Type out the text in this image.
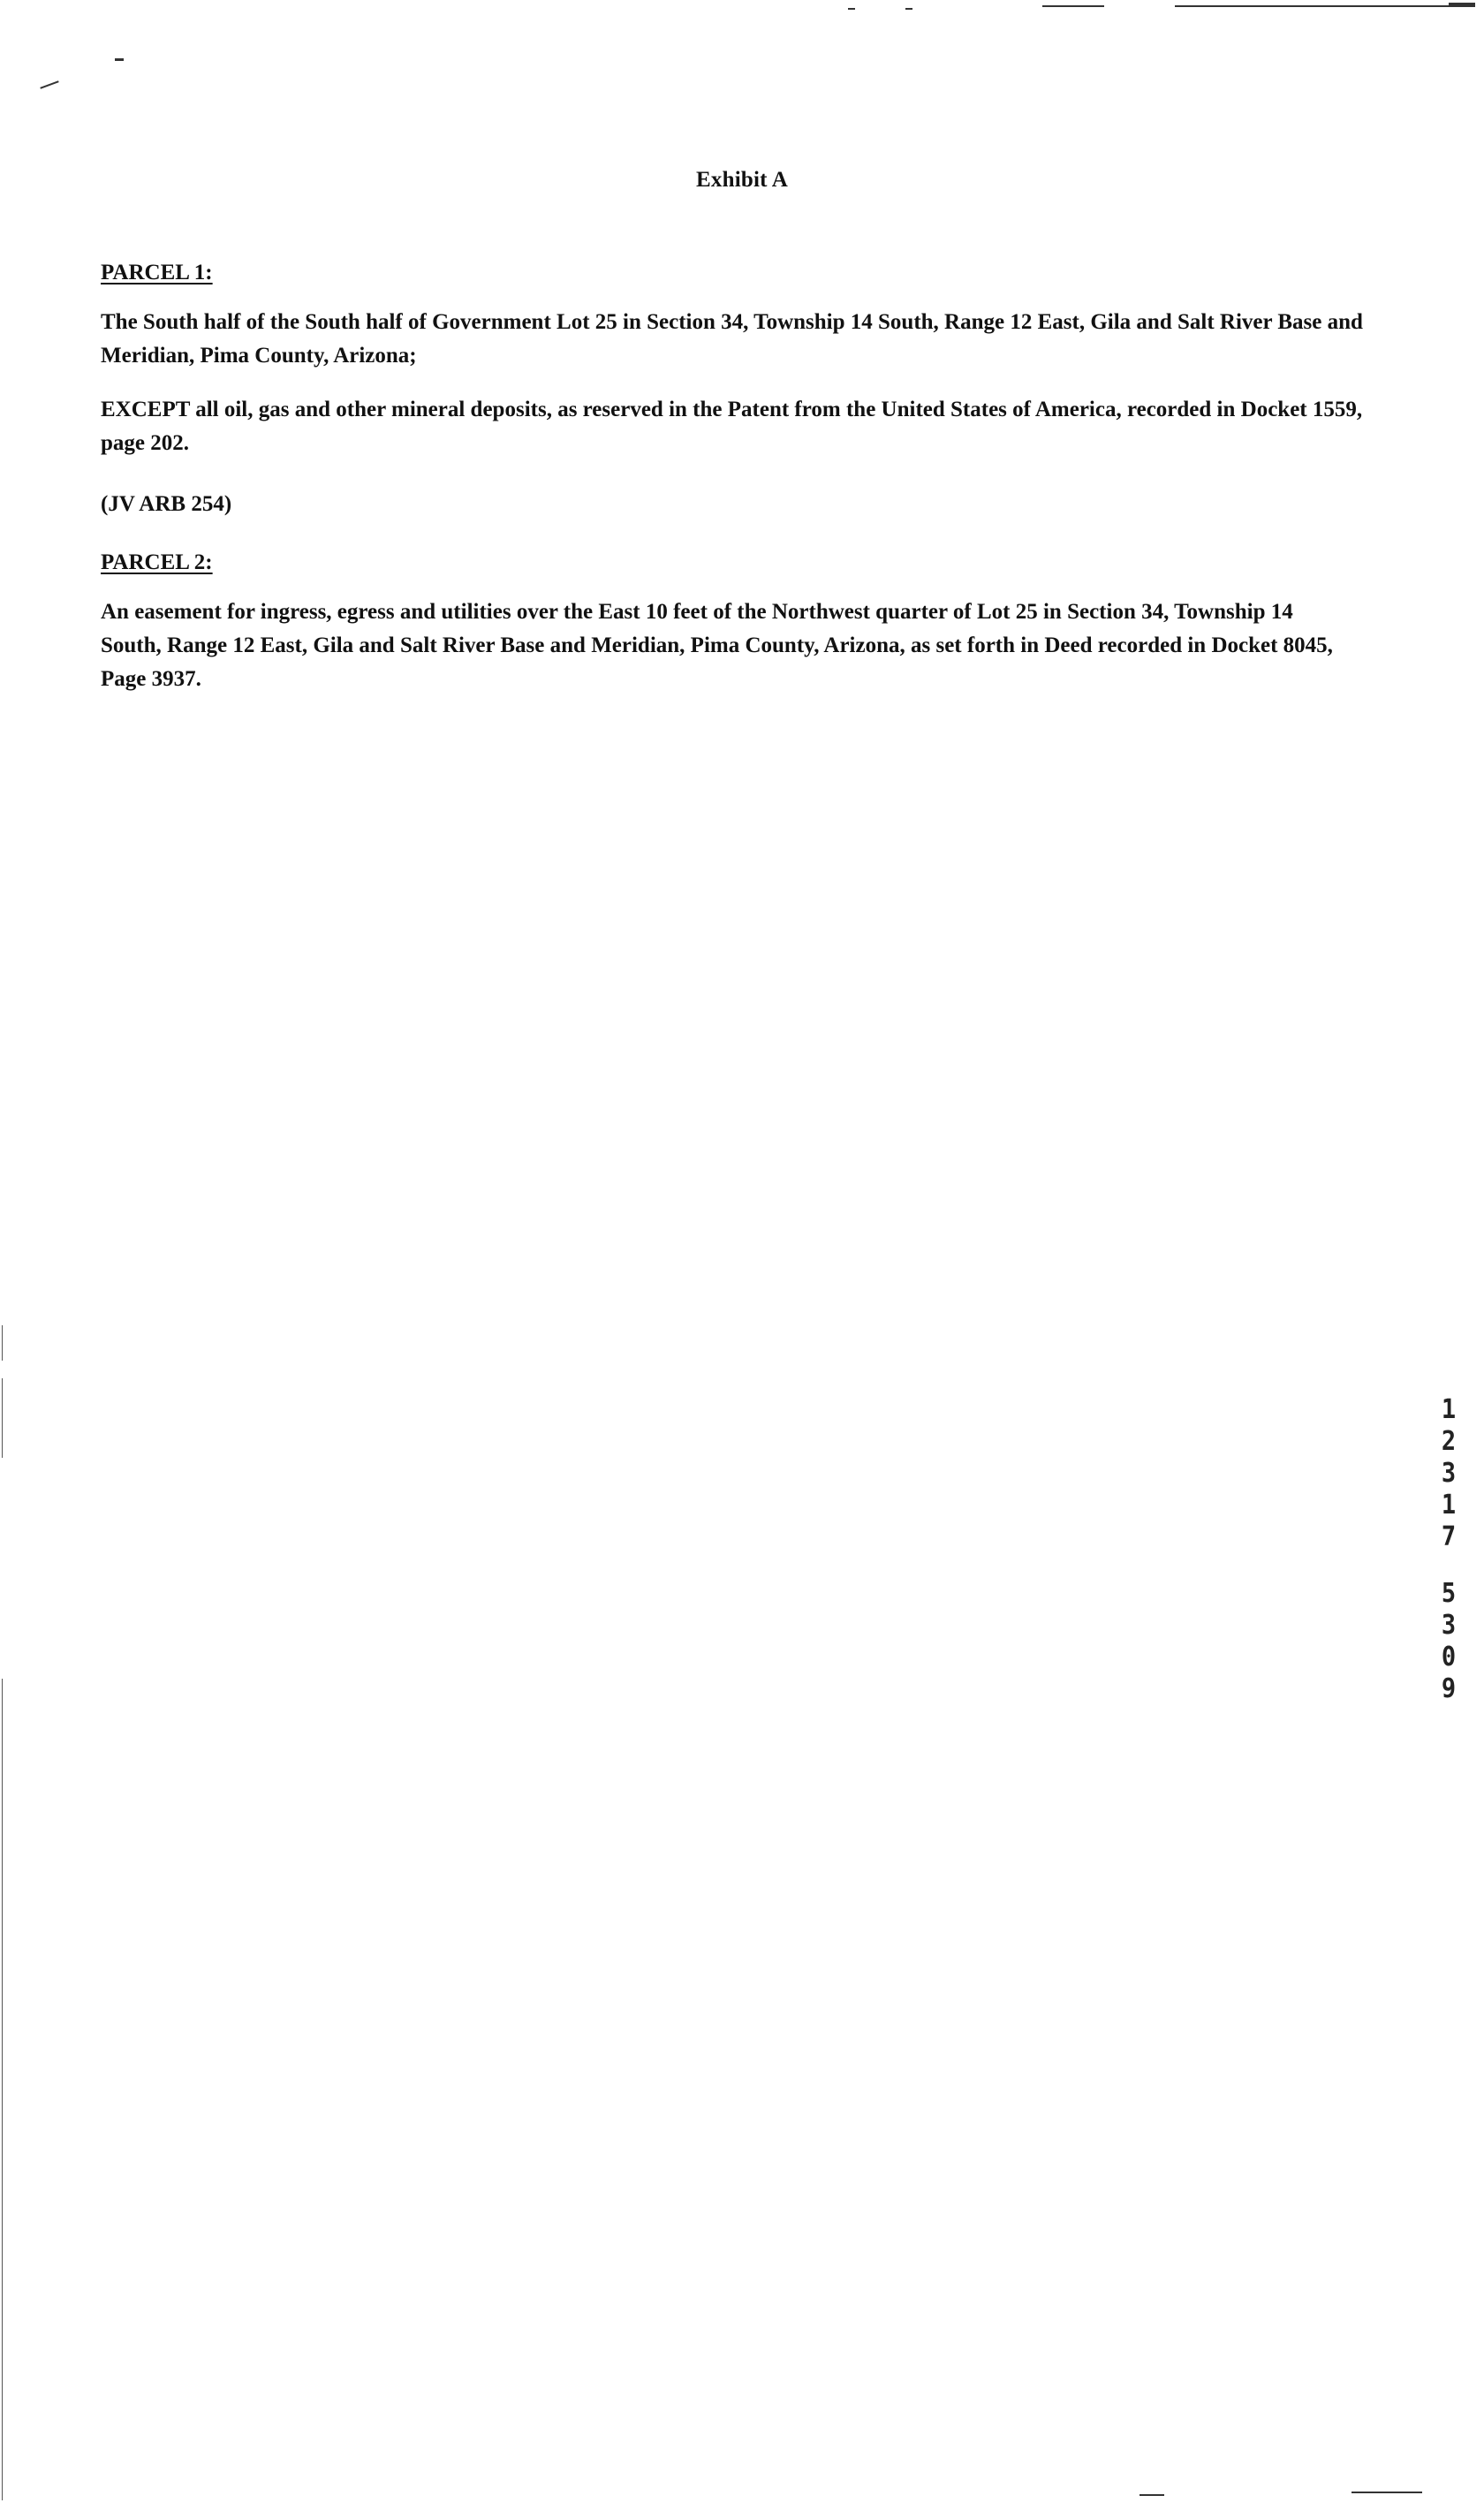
Exhibit A
PARCEL 1:
The South half of the South half of Government Lot 25 in Section 34, Township 14 South, Range 12 East, Gila and Salt River Base and Meridian, Pima County, Arizona;
EXCEPT all oil, gas and other mineral deposits, as reserved in the Patent from the United States of America, recorded in Docket 1559, page 202.
(JV ARB 254)
PARCEL 2:
An easement for ingress, egress and utilities over the East 10 feet of the Northwest quarter of Lot 25 in Section 34, Township 14 South, Range 12 East, Gila and Salt River Base and Meridian, Pima County, Arizona, as set forth in Deed recorded in Docket 8045, Page 3937.
1
2
3
1
7
5
3
0
9
